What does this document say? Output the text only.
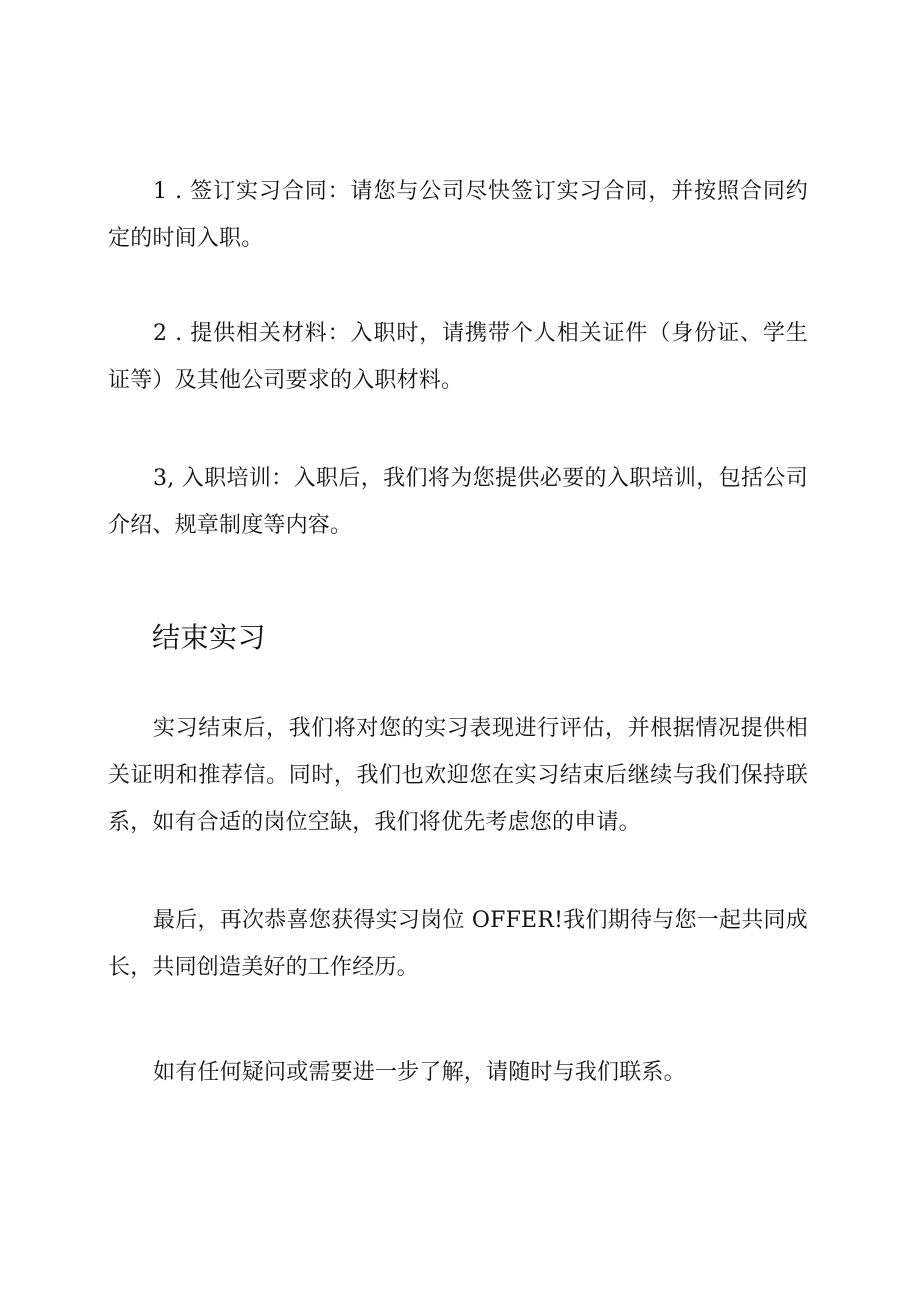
1 . 签订实习合同：请您与公司尽快签订实习合同，并按照合同约定的时间入职。

2 . 提供相关材料：入职时，请携带个人相关证件（身份证、学生证等）及其他公司要求的入职材料。

3, 入职培训：入职后，我们将为您提供必要的入职培训，包括公司介绍、规章制度等内容。

结束实习

实习结束后，我们将对您的实习表现进行评估，并根据情况提供相关证明和推荐信。同时，我们也欢迎您在实习结束后继续与我们保持联系，如有合适的岗位空缺，我们将优先考虑您的申请。

最后，再次恭喜您获得实习岗位 OFFER!我们期待与您一起共同成长，共同创造美好的工作经历。

如有任何疑问或需要进一步了解，请随时与我们联系。
